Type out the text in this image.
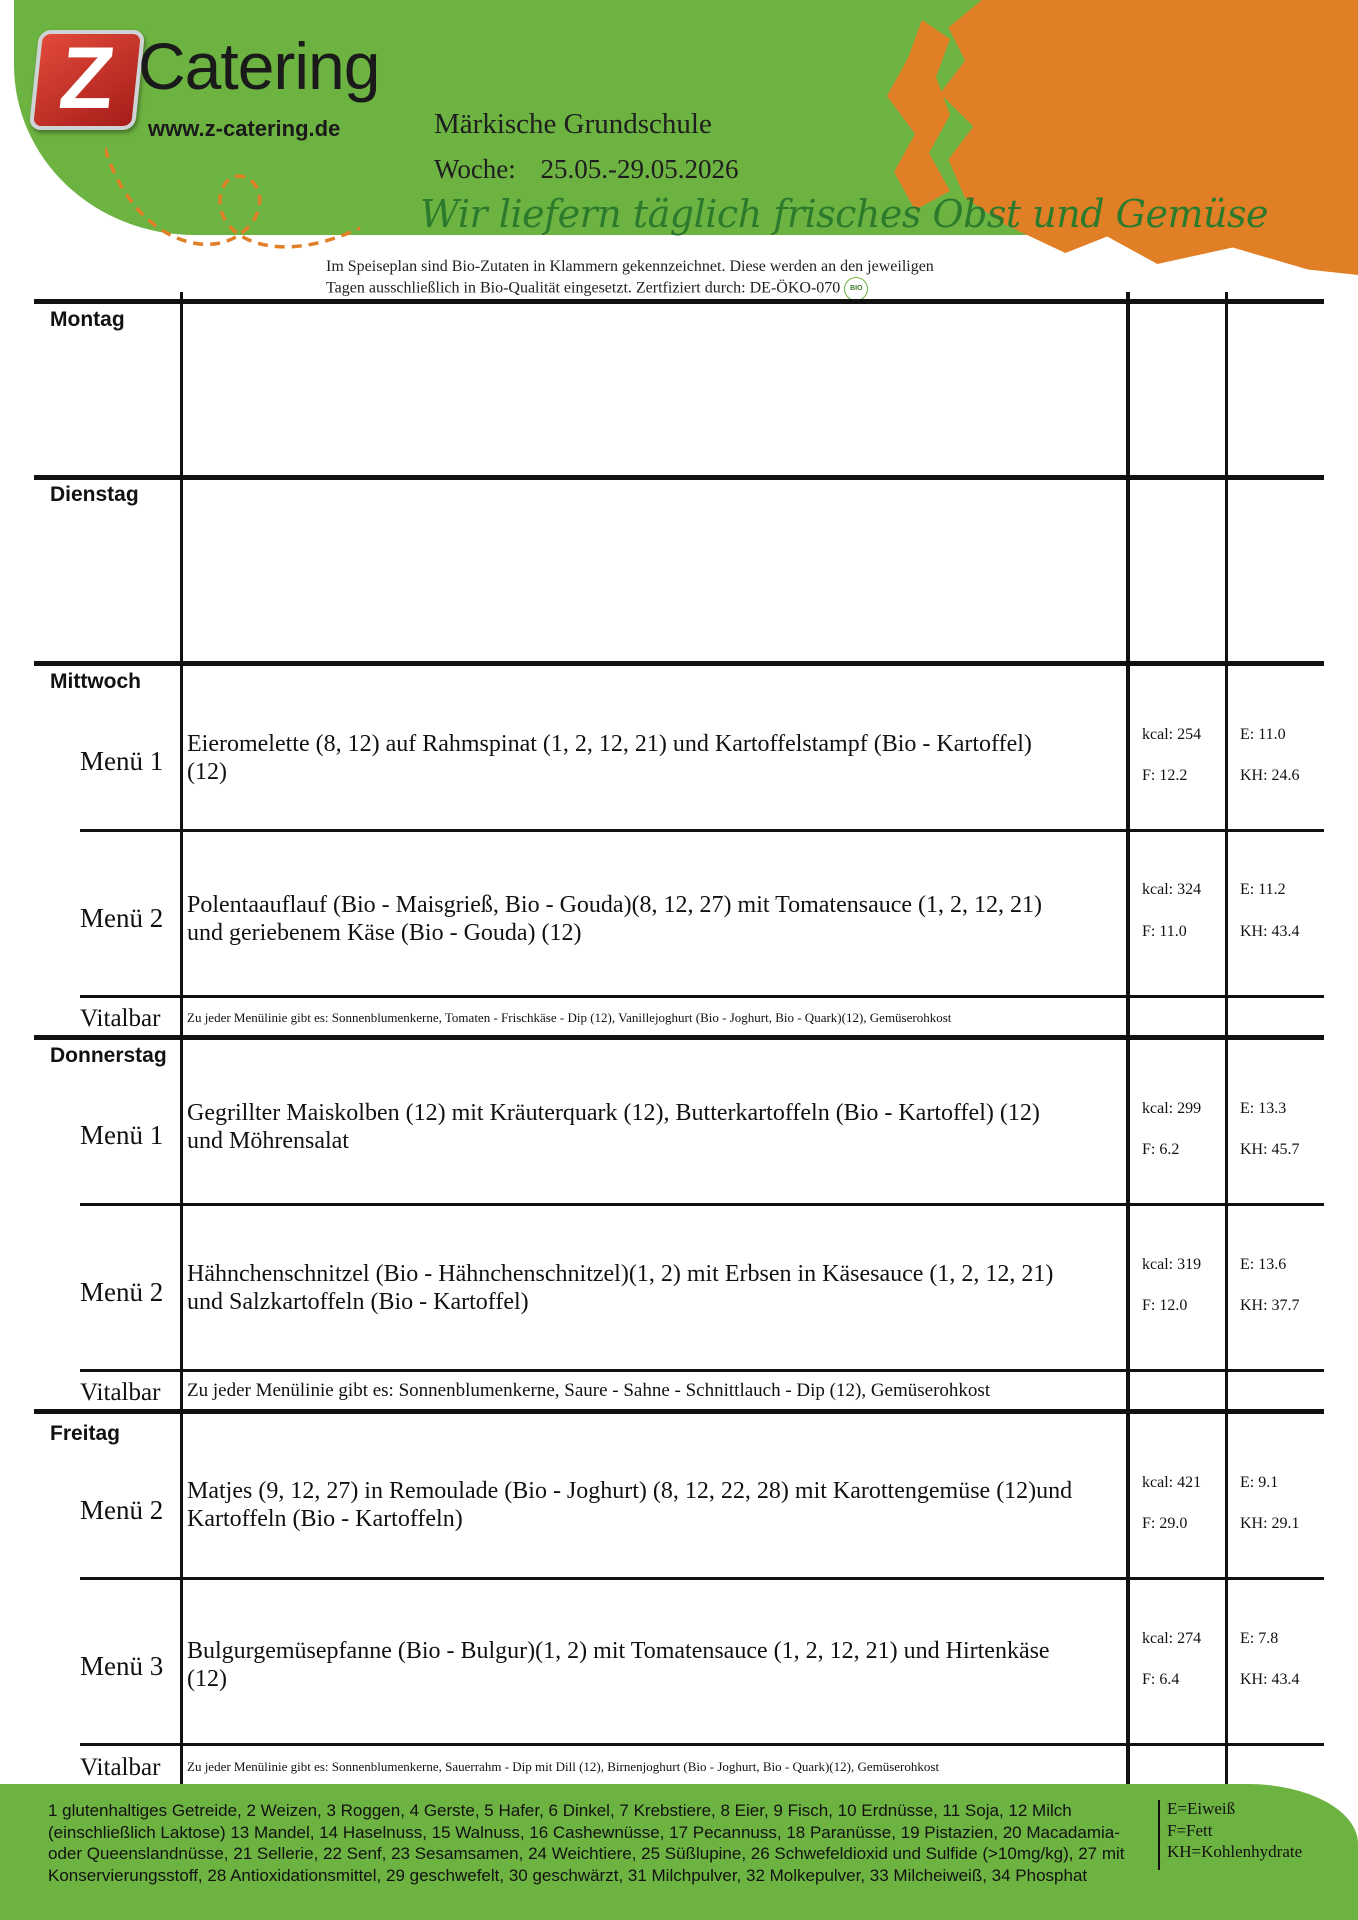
Z Catering
www.z-catering.de	Märkische Grundschule
Woche: 25.05.-29.05.2026
Wir liefern täglich frisches Obst und Gemüse
Im Speiseplan sind Bio-Zutaten in Klammern gekennzeichnet. Diese werden an den jeweiligen
Tagen ausschließlich in Bio-Qualität eingesetzt. Zertfiziert durch: DE-ÖKO-070 BIO
Montag
Dienstag
Mittwoch
Menü 1
Eieromelette (8, 12) auf Rahmspinat (1, 2, 12, 21) und Kartoffelstampf (Bio - Kartoffel) (12)
kcal: 254
F: 12.2
E: 11.0
KH: 24.6
Menü 2 Polentaauflauf (Bio - Maisgrieß, Bio - Gouda)(8, 12, 27) mit Tomatensauce (1, 2, 12, 21) und geriebenem Käse (Bio - Gouda) (12)
kcal: 324
F: 11.0
E: 11.2
KH: 43.4
Vitalbar Zu jeder Menülinie gibt es: Sonnenblumenkerne, Tomaten - Frischkäse - Dip (12), Vanillejoghurt (Bio - Joghurt, Bio - Quark)(12), Gemüserohkost
Donnerstag
Menü 1
Gegrillter Maiskolben (12) mit Kräuterquark (12), Butterkartoffeln (Bio - Kartoffel) (12) und Möhrensalat
kcal: 299
F: 6.2
E: 13.3
KH: 45.7
Menü 2
Hähnchenschnitzel (Bio - Hähnchenschnitzel)(1, 2) mit Erbsen in Käsesauce (1, 2, 12, 21) und Salzkartoffeln (Bio - Kartoffel)
kcal: 319
F: 12.0
E: 13.6
KH: 37.7
Vitalbar Zu jeder Menülinie gibt es: Sonnenblumenkerne, Saure - Sahne - Schnittlauch - Dip (12), Gemüserohkost
Freitag
Menü 2
Matjes (9, 12, 27) in Remoulade (Bio - Joghurt) (8, 12, 22, 28) mit Karottengemüse (12)und Kartoffeln (Bio - Kartoffeln)
kcal: 421
F: 29.0
E: 9.1
KH: 29.1
Menü 3 Bulgurgemüsepfanne (Bio - Bulgur)(1, 2) mit Tomatensauce (1, 2, 12, 21) und Hirtenkäse (12)
kcal: 274
F: 6.4
E: 7.8
KH: 43.4
Vitalbar Zu jeder Menülinie gibt es: Sonnenblumenkerne, Sauerrahm - Dip mit Dill (12), Birnenjoghurt (Bio - Joghurt, Bio - Quark)(12), Gemüserohkost
1 glutenhaltiges Getreide, 2 Weizen, 3 Roggen, 4 Gerste, 5 Hafer, 6 Dinkel, 7 Krebstiere, 8 Eier, 9 Fisch, 10 Erdnüsse, 11 Soja, 12 Milch (einschließlich Laktose) 13 Mandel, 14 Haselnuss, 15 Walnuss, 16 Cashewnüsse, 17 Pecannuss, 18 Paranüsse, 19 Pistazien, 20 Macadamia- oder Queenslandnüsse, 21 Sellerie, 22 Senf, 23 Sesamsamen, 24 Weichtiere, 25 Süßlupine, 26 Schwefeldioxid und Sulfide (>10mg/kg), 27 mit Konservierungsstoff, 28 Antioxidationsmittel, 29 geschwefelt, 30 geschwärzt, 31 Milchpulver, 32 Molkepulver, 33 Milcheiweiß, 34 Phosphat
E=Eiweiß
F=Fett
KH=Kohlenhydrate
